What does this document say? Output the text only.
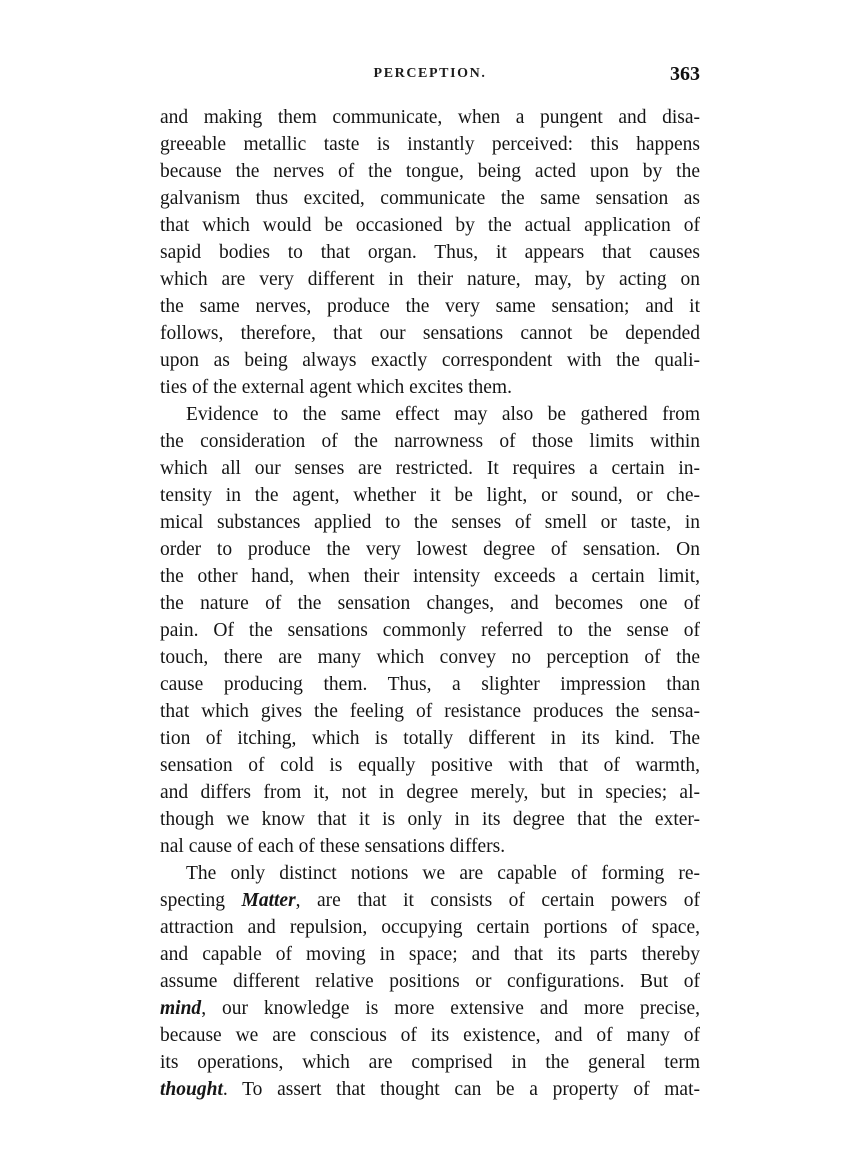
PERCEPTION.	363
and making them communicate, when a pungent and disa-
greeable metallic taste is instantly perceived: this happens
because the nerves of the tongue, being acted upon by the
galvanism thus excited, communicate the same sensation as
that which would be occasioned by the actual application of
sapid bodies to that organ. Thus, it appears that causes
which are very different in their nature, may, by acting on
the same nerves, produce the very same sensation; and it
follows, therefore, that our sensations cannot be depended
upon as being always exactly correspondent with the quali-
ties of the external agent which excites them.
Evidence to the same effect may also be gathered from
the consideration of the narrowness of those limits within
which all our senses are restricted. It requires a certain in-
tensity in the agent, whether it be light, or sound, or che-
mical substances applied to the senses of smell or taste, in
order to produce the very lowest degree of sensation. On
the other hand, when their intensity exceeds a certain limit,
the nature of the sensation changes, and becomes one of
pain. Of the sensations commonly referred to the sense of
touch, there are many which convey no perception of the
cause producing them. Thus, a slighter impression than
that which gives the feeling of resistance produces the sensa-
tion of itching, which is totally different in its kind. The
sensation of cold is equally positive with that of warmth,
and differs from it, not in degree merely, but in species; al-
though we know that it is only in its degree that the exter-
nal cause of each of these sensations differs.
The only distinct notions we are capable of forming re-
specting Matter, are that it consists of certain powers of
attraction and repulsion, occupying certain portions of space,
and capable of moving in space; and that its parts thereby
assume different relative positions or configurations. But of
mind, our knowledge is more extensive and more precise,
because we are conscious of its existence, and of many of
its operations, which are comprised in the general term
thought. To assert that thought can be a property of mat-
